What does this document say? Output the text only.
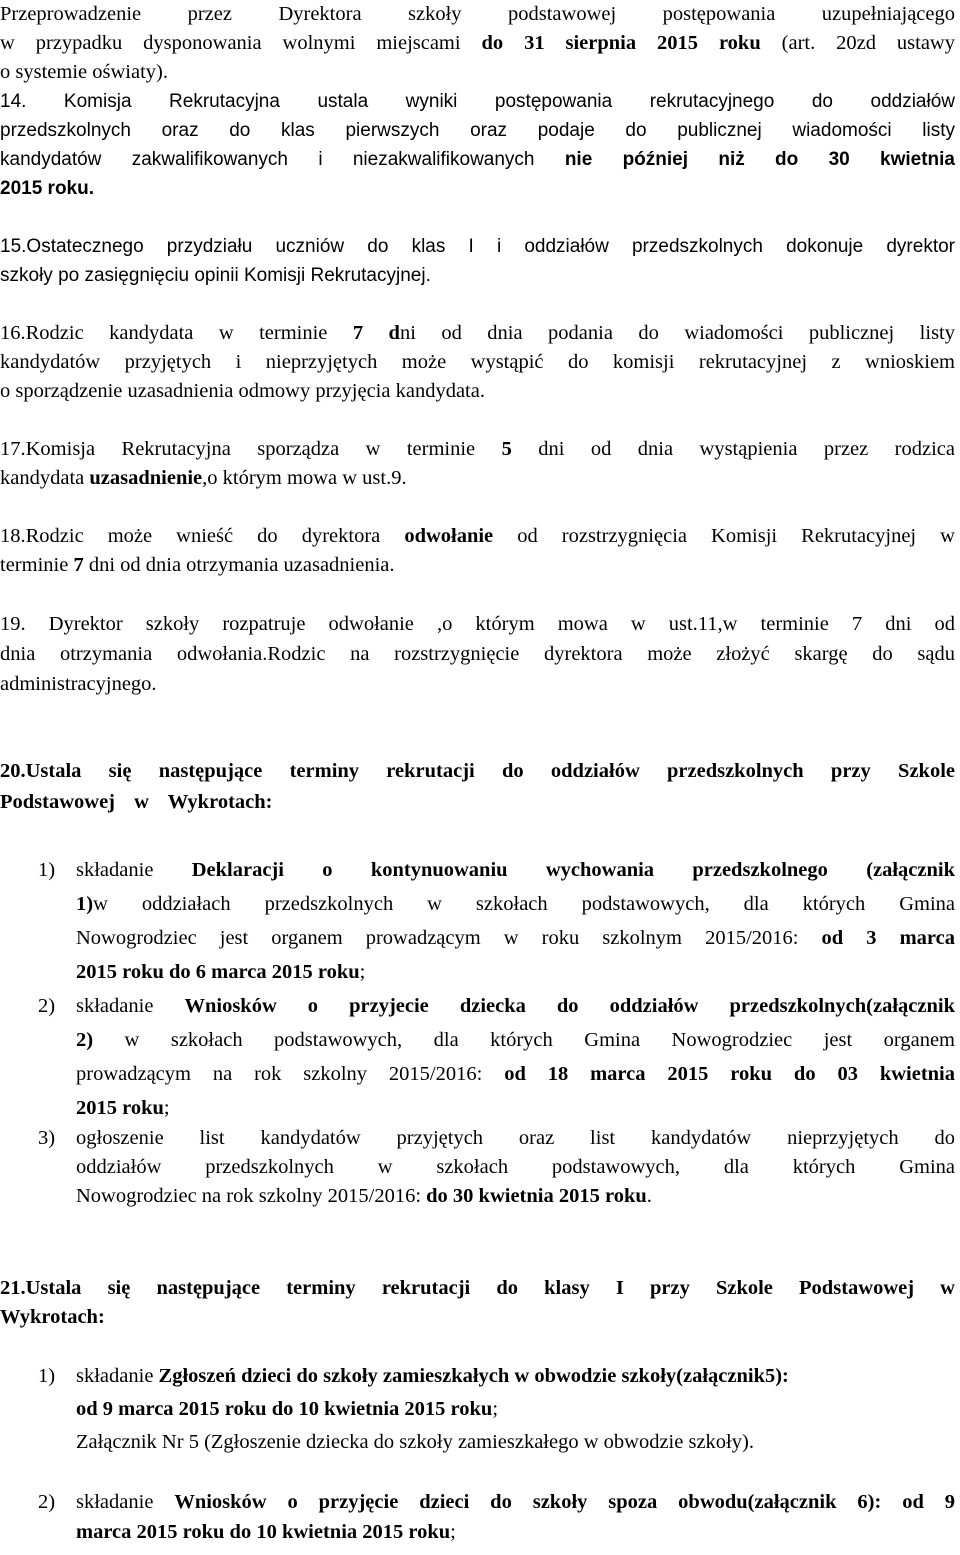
Przeprowadzenie przez Dyrektora szkoły podstawowej postępowania uzupełniającego
w przypadku dysponowania wolnymi miejscami do 31 sierpnia 2015 roku (art. 20zd ustawy
o systemie oświaty).
14. Komisja Rekrutacyjna ustala wyniki postępowania rekrutacyjnego do oddziałów
przedszkolnych oraz do klas pierwszych oraz podaje do publicznej wiadomości listy
kandydatów zakwalifikowanych i niezakwalifikowanych nie później niż do 30 kwietnia
2015 roku.
15.Ostatecznego przydziału uczniów do klas I i oddziałów przedszkolnych dokonuje dyrektor
szkoły po zasięgnięciu opinii Komisji Rekrutacyjnej.
16.Rodzic kandydata w terminie 7 dni od dnia podania do wiadomości publicznej listy
kandydatów przyjętych i nieprzyjętych może wystąpić do komisji rekrutacyjnej z wnioskiem
o sporządzenie uzasadnienia odmowy przyjęcia kandydata.
17.Komisja Rekrutacyjna sporządza w terminie 5 dni od dnia wystąpienia przez rodzica
kandydata uzasadnienie,o którym mowa w ust.9.
18.Rodzic może wnieść do dyrektora odwołanie od rozstrzygnięcia Komisji Rekrutacyjnej w
terminie 7 dni od dnia otrzymania uzasadnienia.
19. Dyrektor szkoły rozpatruje odwołanie ,o którym mowa w ust.11,w terminie 7 dni od
dnia otrzymania odwołania.Rodzic na rozstrzygnięcie dyrektora może złożyć skargę do sądu
administracyjnego.
20.Ustala się następujące terminy rekrutacji do oddziałów przedszkolnych przy Szkole
Podstawowej w Wykrotach:
1) składanie Deklaracji o kontynuowaniu wychowania przedszkolnego (załącznik
1)w oddziałach przedszkolnych w szkołach podstawowych, dla których Gmina
Nowogrodziec jest organem prowadzącym w roku szkolnym 2015/2016: od 3 marca
2015 roku do 6 marca 2015 roku;
2) składanie Wniosków o przyjecie dziecka do oddziałów przedszkolnych(załącznik
2) w szkołach podstawowych, dla których Gmina Nowogrodziec jest organem
prowadzącym na rok szkolny 2015/2016: od 18 marca 2015 roku do 03 kwietnia
2015 roku;
3) ogłoszenie list kandydatów przyjętych oraz list kandydatów nieprzyjętych do
oddziałów przedszkolnych w szkołach podstawowych, dla których Gmina
Nowogrodziec na rok szkolny 2015/2016: do 30 kwietnia 2015 roku.
21.Ustala się następujące terminy rekrutacji do klasy I przy Szkole Podstawowej w
Wykrotach:
1) składanie Zgłoszeń dzieci do szkoły zamieszkałych w obwodzie szkoły(załącznik5):
od 9 marca 2015 roku do 10 kwietnia 2015 roku;
Załącznik Nr 5 (Zgłoszenie dziecka do szkoły zamieszkałego w obwodzie szkoły).
2) składanie Wniosków o przyjęcie dzieci do szkoły spoza obwodu(załącznik 6): od 9
marca 2015 roku do 10 kwietnia 2015 roku;
